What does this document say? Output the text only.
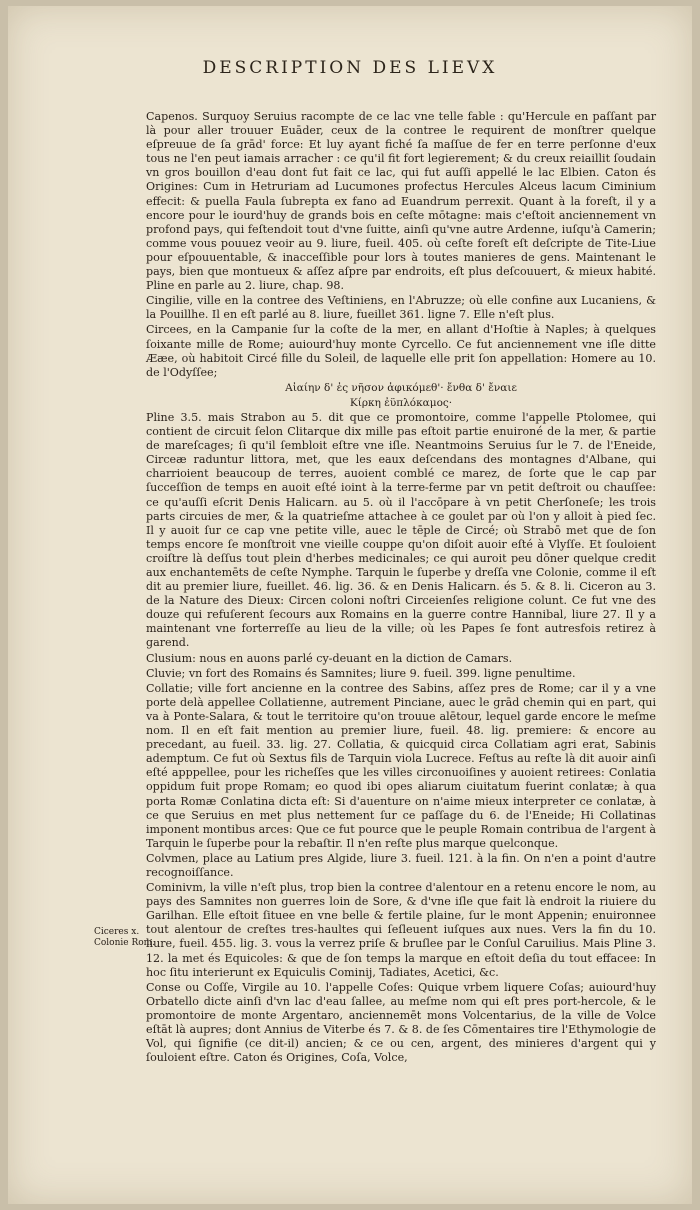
DESCRIPTION DES LIEVX
Ciceres x.
Colonie Rom.

Capenos. Surquoy Seruius racompte de ce lac vne telle fable : qu'Hercule en paſſant par là pour aller trouuer Euāder, ceux de la contree le requirent de monſtrer quelque eſpreuue de ſa grād' force: Et luy ayant fiché ſa maſſue de fer en terre perſonne d'eux tous ne l'en peut iamais arracher : ce qu'il fit fort legierement; & du creux reiaillit ſoudain vn gros bouillon d'eau dont fut fait ce lac, qui fut auſſi appellé le lac Elbien. Caton és Origines: Cum in Hetruriam ad Lucumones profectus Hercules Alceus lacum Ciminium effecit: & puella Faula ſubrepta ex fano ad Euandrum perrexit. Quant à la foreſt, il y a encore pour le iourd'huy de grands bois en ceſte mōtagne: mais c'eſtoit anciennement vn profond pays, qui feſtendoit tout d'vne ſuitte, ainſi qu'vne autre Ardenne, iuſqu'à Camerin; comme vous pouuez veoir au 9. liure, fueil. 405. où ceſte foreſt eſt deſcripte de Tite-Liue pour eſpouuentable, & inacceſſible pour lors à toutes manieres de gens. Maintenant le pays, bien que montueux & aſſez aſpre par endroits, eſt plus deſcouuert, & mieux habité. Pline en parle au 2. liure, chap. 98.

Cingilie, ville en la contree des Veſtiniens, en l'Abruzze; où elle confine aux Lucaniens, & la Pouillhe. Il en eſt parlé au 8. liure, fueillet 361. ligne 7. Elle n'eſt plus.

Circees, en la Campanie ſur la coſte de la mer, en allant d'Hoſtie à Naples; à quelques ſoixante mille de Rome; auiourd'huy monte Cyrcello. Ce fut anciennement vne iſle ditte Ææe, où habitoit Circé fille du Soleil, de laquelle elle prit ſon appellation: Homere au 10. de l'Odyſſee;

Αἰαίην δ' ἐς νῆσον ἀφικόμεθ'· ἔνθα δ' ἔναιε

Κίρκη ἐϋπλόκαμος·

Pline 3.5. mais Strabon au 5. dit que ce promontoire, comme l'appelle Ptolomee, qui contient de circuit ſelon Clitarque dix mille pas eſtoit partie enuironé de la mer, & partie de mareſcages; ſi qu'il ſembloit eſtre vne iſle. Neantmoins Seruius ſur le 7. de l'Eneide, Circeæ raduntur littora, met, que les eaux deſcendans des montagnes d'Albane, qui charrioient beaucoup de terres, auoient comblé ce marez, de ſorte que le cap par ſucceſſion de temps en auoit eſté ioint à la terre-ferme par vn petit deſtroit ou chauſſee: ce qu'auſſi eſcrit Denis Halicarn. au 5. où il l'accōpare à vn petit Cherſoneſe; les trois parts circuies de mer, & la quatrieſme attachee à ce goulet par où l'on y alloit à pied ſec. Il y auoit ſur ce cap vne petite ville, auec le tēple de Circé; où Strabō met que de ſon temps encore ſe monſtroit vne vieille couppe qu'on diſoit auoir eſté à Vlyſſe. Et ſouloient croiſtre là deſſus tout plein d'herbes medicinales; ce qui auroit peu dōner quelque credit aux enchantemēts de ceſte Nymphe. Tarquin le ſuperbe y dreſſa vne Colonie, comme il eſt dit au premier liure, fueillet. 46. lig. 36. & en Denis Halicarn. és 5. & 8. li. Ciceron au 3. de la Nature des Dieux: Circen coloni noſtri Circeienſes religione colunt. Ce fut vne des douze qui refuſerent ſecours aux Romains en la guerre contre Hannibal, liure 27. Il y a maintenant vne forterreſſe au lieu de la ville; où les Papes ſe font autresfois retirez à garend.

Clusium: nous en auons parlé cy-deuant en la diction de Camars.

Cluvie; vn fort des Romains és Samnites; liure 9. fueil. 399. ligne penultime.

Collatie; ville fort ancienne en la contree des Sabins, aſſez pres de Rome; car il y a vne porte delà appellee Collatienne, autrement Pinciane, auec le grād chemin qui en part, qui va à Ponte-Salara, & tout le territoire qu'on trouue alētour, lequel garde encore le meſme nom. Il en eſt fait mention au premier liure, fueil. 48. lig. premiere: & encore au precedant, au fueil. 33. lig. 27. Collatia, & quicquid circa Collatiam agri erat, Sabinis ademptum. Ce fut où Sextus fils de Tarquin viola Lucrece. Feſtus au reſte là dit auoir ainſi eſté apppellee, pour les richeſſes que les villes circonuoiſines y auoient retirees: Conlatia oppidum fuit prope Romam; eo quod ibi opes aliarum ciuitatum fuerint conlatæ; à qua porta Romæ Conlatina dicta eſt: Si d'auenture on n'aime mieux interpreter ce conlatæ, à ce que Seruius en met plus nettement ſur ce paſſage du 6. de l'Eneide; Hi Collatinas imponent montibus arces: Que ce fut pource que le peuple Romain contribua de l'argent à Tarquin le ſuperbe pour la rebaſtir. Il n'en reſte plus marque quelconque.

Colvmen, place au Latium pres Algide, liure 3. fueil. 121. à la fin. On n'en a point d'autre recognoiſſance.

Cominivm, la ville n'eſt plus, trop bien la contree d'alentour en a retenu encore le nom, au pays des Samnites non guerres loin de Sore, & d'vne iſle que fait là endroit la riuiere du Garilhan. Elle eſtoit ſituee en vne belle & fertile plaine, ſur le mont Appenin; enuironnee tout alentour de creſtes tres-haultes qui ſeſleuent iuſques aux nues. Vers la fin du 10. liure, fueil. 455. lig. 3. vous la verrez priſe & bruſlee par le Conſul Caruilius. Mais Pline 3. 12. la met és Equicoles: & que de ſon temps la marque en eſtoit deſia du tout effacee: In hoc ſitu interierunt ex Equiculis Cominij, Tadiates, Acetici, &c.

Conse ou Coſſe, Virgile au 10. l'appelle Coſes: Quique vrbem liquere Coſas; auiourd'huy Orbatello dicte ainſi d'vn lac d'eau ſallee, au meſme nom qui eſt pres port-hercole, & le promontoire de monte Argentaro, anciennemēt mons Volcentarius, de la ville de Volce eſtāt là aupres; dont Annius de Viterbe és 7. & 8. de ſes Cōmentaires tire l'Ethymologie de Vol, qui ſignifie (ce dit-il) ancien; & ce ou cen, argent, des minieres d'argent qui y ſouloient eſtre. Caton és Origines, Coſa, Volce,
